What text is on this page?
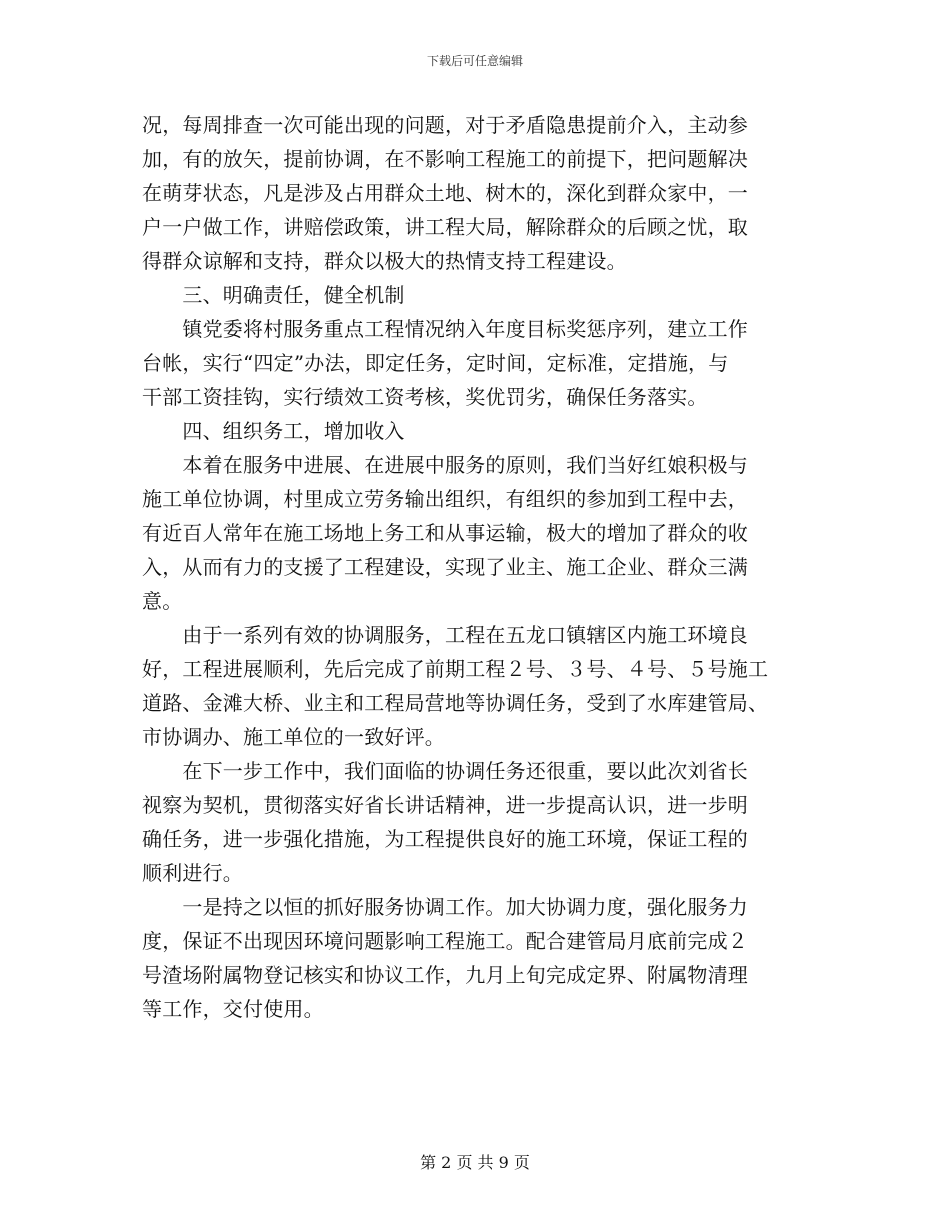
下载后可任意编辑
况，每周排查一次可能出现的问题，对于矛盾隐患提前介入，主动参
加，有的放矢，提前协调，在不影响工程施工的前提下，把问题解决
在萌芽状态，凡是涉及占用群众土地、树木的，深化到群众家中，一
户一户做工作，讲赔偿政策，讲工程大局，解除群众的后顾之忧，取
得群众谅解和支持，群众以极大的热情支持工程建设。
　　三、明确责任，健全机制
　　镇党委将村服务重点工程情况纳入年度目标奖惩序列，建立工作
台帐，实行“四定”办法，即定任务，定时间，定标准，定措施，与
干部工资挂钩，实行绩效工资考核，奖优罚劣，确保任务落实。
　　四、组织务工，增加收入
　　本着在服务中进展、在进展中服务的原则，我们当好红娘积极与
施工单位协调，村里成立劳务输出组织，有组织的参加到工程中去，
有近百人常年在施工场地上务工和从事运输，极大的增加了群众的收
入，从而有力的支援了工程建设，实现了业主、施工企业、群众三满
意。
　　由于一系列有效的协调服务，工程在五龙口镇辖区内施工环境良
好，工程进展顺利，先后完成了前期工程２号、３号、４号、５号施工
道路、金滩大桥、业主和工程局营地等协调任务，受到了水库建管局、
市协调办、施工单位的一致好评。
　　在下一步工作中，我们面临的协调任务还很重，要以此次刘省长
视察为契机，贯彻落实好省长讲话精神，进一步提高认识，进一步明
确任务，进一步强化措施，为工程提供良好的施工环境，保证工程的
顺利进行。
　　一是持之以恒的抓好服务协调工作。加大协调力度，强化服务力
度，保证不出现因环境问题影响工程施工。配合建管局月底前完成２
号渣场附属物登记核实和协议工作，九月上旬完成定界、附属物清理
等工作，交付使用。
第 2 页 共 9 页
